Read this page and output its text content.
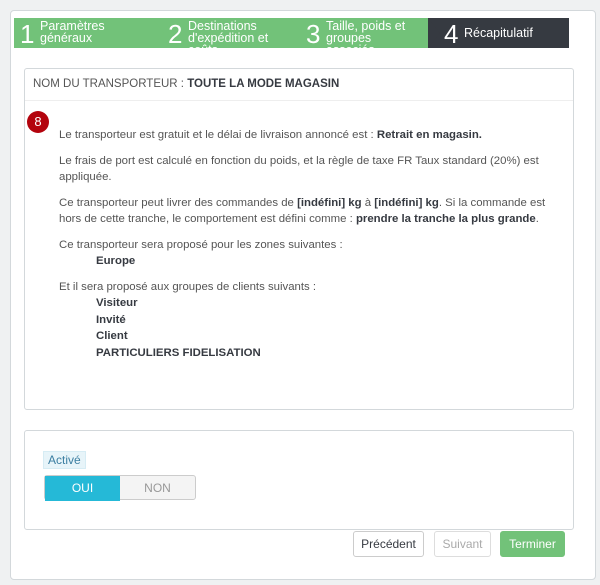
1 Paramètres généraux	2 Destinations d'expédition et coûts
3 Taille, poids et groupes associés
4 Récapitulatif
NOM DU TRANSPORTEUR : TOUTE LA MODE MAGASIN
8

Le transporteur est gratuit et le délai de livraison annoncé est : Retrait en magasin.

Le frais de port est calculé en fonction du poids, et la règle de taxe FR Taux standard (20%) est appliquée.

Ce transporteur peut livrer des commandes de [indéfini] kg à [indéfini] kg. Si la commande est hors de cette tranche, le comportement est défini comme : prendre la tranche la plus grande.

Ce transporteur sera proposé pour les zones suivantes :

Europe

Et il sera proposé aux groupes de clients suivants :

Visiteur
Invité
Client
PARTICULIERS FIDELISATION
Activé
OUI	NON
Précédent	Suivant	Terminer
